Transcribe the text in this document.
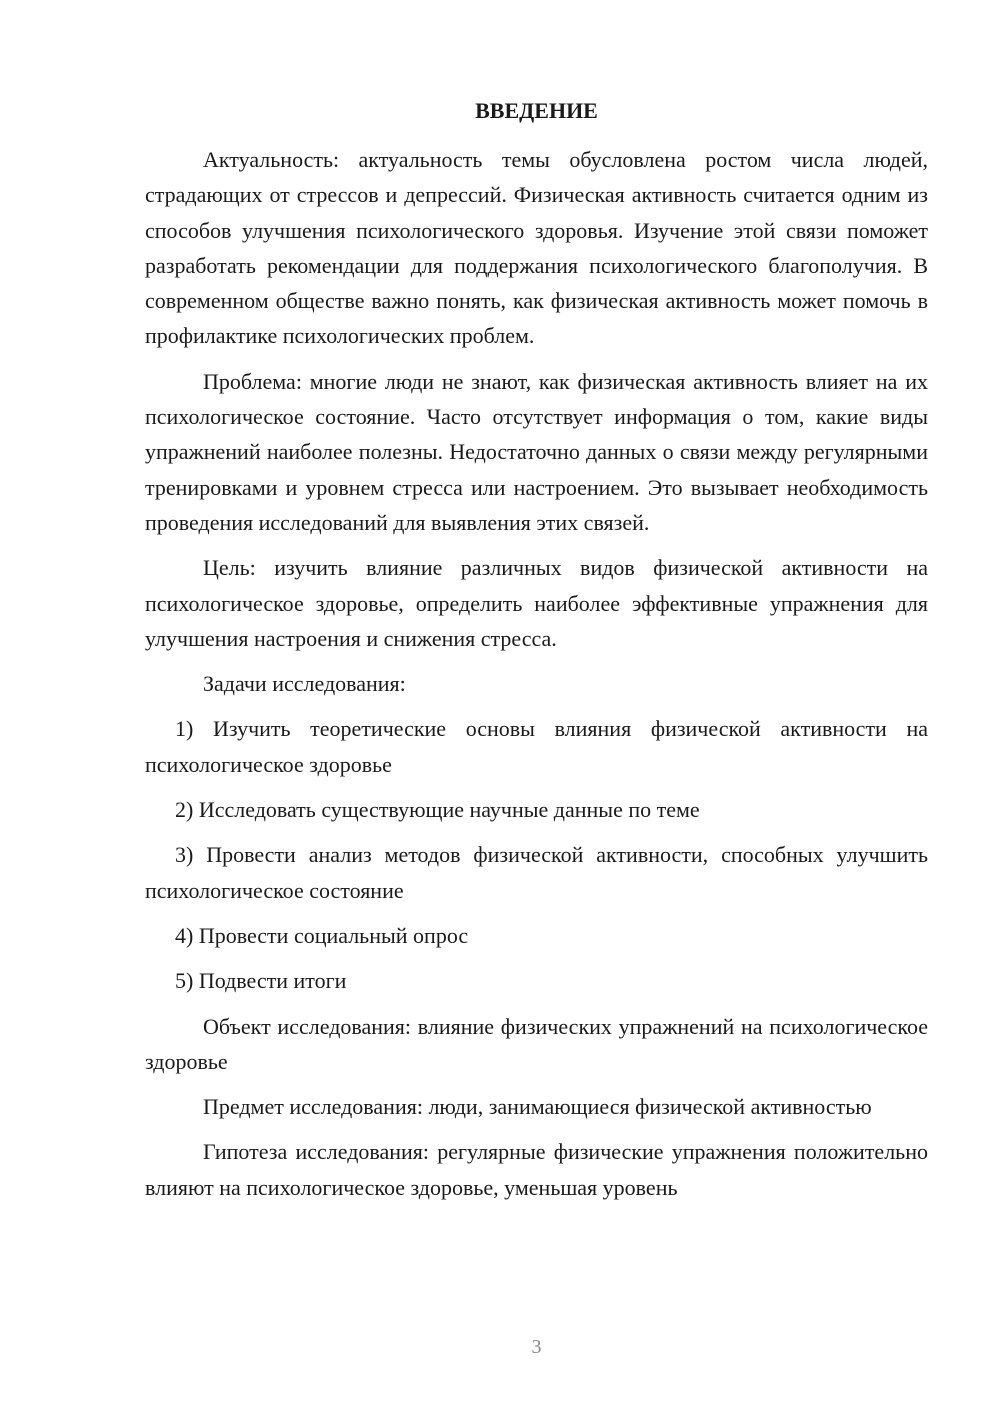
ВВЕДЕНИЕ

Актуальность: актуальность темы обусловлена ростом числа людей, страдающих от стрессов и депрессий. Физическая активность считается одним из способов улучшения психологического здоровья. Изучение этой связи поможет разработать рекомендации для поддержания психологического благополучия. В современном обществе важно понять, как физическая активность может помочь в профилактике психологических проблем.

Проблема: многие люди не знают, как физическая активность влияет на их психологическое состояние. Часто отсутствует информация о том, какие виды упражнений наиболее полезны. Недостаточно данных о связи между регулярными тренировками и уровнем стресса или настроением. Это вызывает необходимость проведения исследований для выявления этих связей.

Цель: изучить влияние различных видов физической активности на психологическое здоровье, определить наиболее эффективные упражнения для улучшения настроения и снижения стресса.

Задачи исследования:

1) Изучить теоретические основы влияния физической активности на психологическое здоровье

2) Исследовать существующие научные данные по теме

3) Провести анализ методов физической активности, способных улучшить психологическое состояние

4) Провести социальный опрос

5) Подвести итоги

Объект исследования: влияние физических упражнений на психологическое здоровье

Предмет исследования: люди, занимающиеся физической активностью

Гипотеза исследования: регулярные физические упражнения положительно влияют на психологическое здоровье, уменьшая уровень

3
